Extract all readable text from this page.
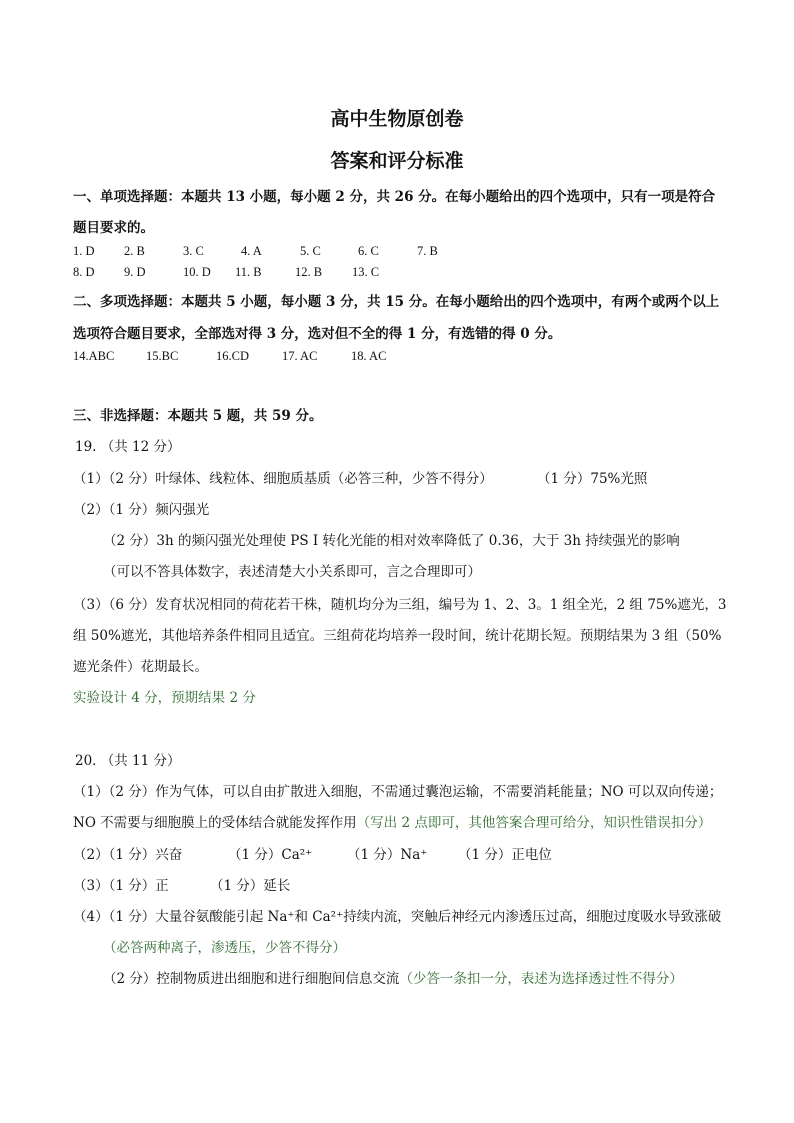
高中生物原创卷
答案和评分标准
一、单项选择题：本题共 13 小题，每小题 2 分，共 26 分。在每小题给出的四个选项中，只有一项是符合
题目要求的。
1. D 2. B	3. C	4. A	5. C	6. C	7. B
8. D 9. D	10. D 11. B	12. B 13. C
二、多项选择题：本题共 5 小题，每小题 3 分，共 15 分。在每小题给出的四个选项中，有两个或两个以上
选项符合题目要求，全部选对得 3 分，选对但不全的得 1 分，有选错的得 0 分。
14.ABC	15.BC	16.CD	17. AC	18. AC
三、非选择题：本题共 5 题，共 59 分。
19. （共 12 分）
（1）（2 分）叶绿体、线粒体、细胞质基质（必答三种，少答不得分）	（1 分）75%光照
（2）（1 分）频闪强光
（2 分）3h 的频闪强光处理使 PS I 转化光能的相对效率降低了 0.36，大于 3h 持续强光的影响
（可以不答具体数字，表述清楚大小关系即可，言之合理即可）
（3）（6 分）发育状况相同的荷花若干株，随机均分为三组，编号为 1、2、3。1 组全光，2 组 75%遮光，3
组 50%遮光，其他培养条件相同且适宜。三组荷花均培养一段时间，统计花期长短。预期结果为 3 组（50%
遮光条件）花期最长。
实验设计 4 分，预期结果 2 分
20. （共 11 分）
（1）（2 分）作为气体，可以自由扩散进入细胞，不需通过囊泡运输，不需要消耗能量；NO 可以双向传递；
NO 不需要与细胞膜上的受体结合就能发挥作用（写出 2 点即可，其他答案合理可给分，知识性错误扣分）
（2）（1 分）兴奋	（1 分）Ca²⁺	（1 分）Na⁺ （1 分）正电位
（3）（1 分）正	（1 分）延长
（4）（1 分）大量谷氨酸能引起 Na⁺和 Ca²⁺持续内流，突触后神经元内渗透压过高，细胞过度吸水导致涨破
（必答两种离子，渗透压，少答不得分）
（2 分）控制物质进出细胞和进行细胞间信息交流（少答一条扣一分，表述为选择透过性不得分）
